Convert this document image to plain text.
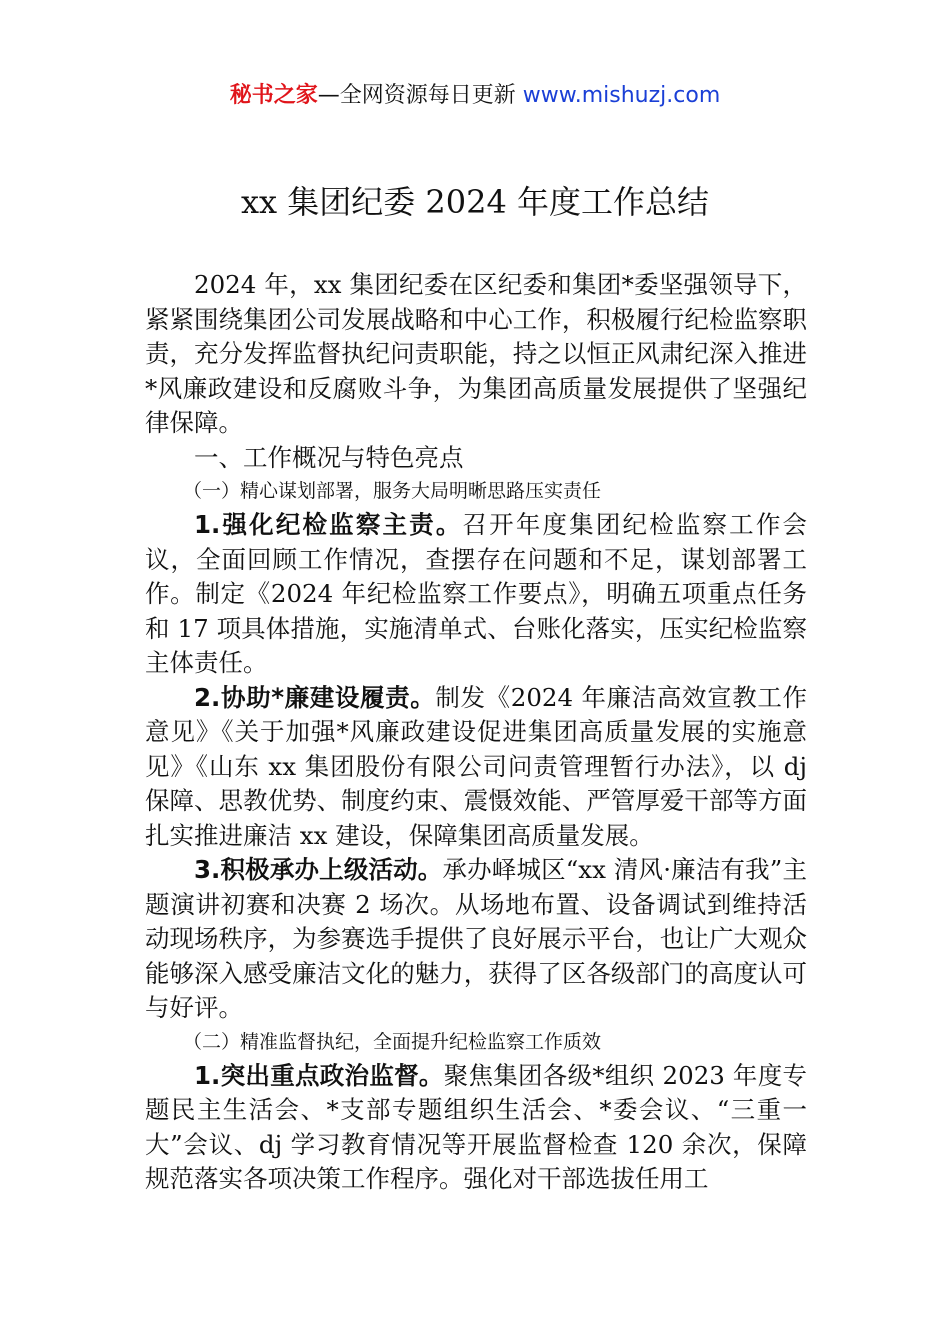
秘书之家—全网资源每日更新 www.mishuzj.com
xx 集团纪委 2024 年度工作总结

2024 年，xx 集团纪委在区纪委和集团*委坚强领导下，紧紧围绕集团公司发展战略和中心工作，积极履行纪检监察职责，充分发挥监督执纪问责职能，持之以恒正风肃纪深入推进*风廉政建设和反腐败斗争，为集团高质量发展提供了坚强纪律保障。

一、工作概况与特色亮点

（一）精心谋划部署，服务大局明晰思路压实责任

1.强化纪检监察主责。召开年度集团纪检监察工作会议，全面回顾工作情况，查摆存在问题和不足，谋划部署工作。制定《2024 年纪检监察工作要点》，明确五项重点任务和 17 项具体措施，实施清单式、台账化落实，压实纪检监察主体责任。

2.协助*廉建设履责。制发《2024 年廉洁高效宣教工作意见》《关于加强*风廉政建设促进集团高质量发展的实施意见》《山东 xx 集团股份有限公司问责管理暂行办法》，以 dj 保障、思教优势、制度约束、震慑效能、严管厚爱干部等方面扎实推进廉洁 xx 建设，保障集团高质量发展。

3.积极承办上级活动。承办峄城区“xx 清风·廉洁有我”主题演讲初赛和决赛 2 场次。从场地布置、设备调试到维持活动现场秩序，为参赛选手提供了良好展示平台，也让广大观众能够深入感受廉洁文化的魅力，获得了区各级部门的高度认可与好评。

（二）精准监督执纪，全面提升纪检监察工作质效

1.突出重点政治监督。聚焦集团各级*组织 2023 年度专题民主生活会、*支部专题组织生活会、*委会议、“三重一大”会议、dj 学习教育情况等开展监督检查 120 余次，保障规范落实各项决策工作程序。强化对干部选拔任用工
